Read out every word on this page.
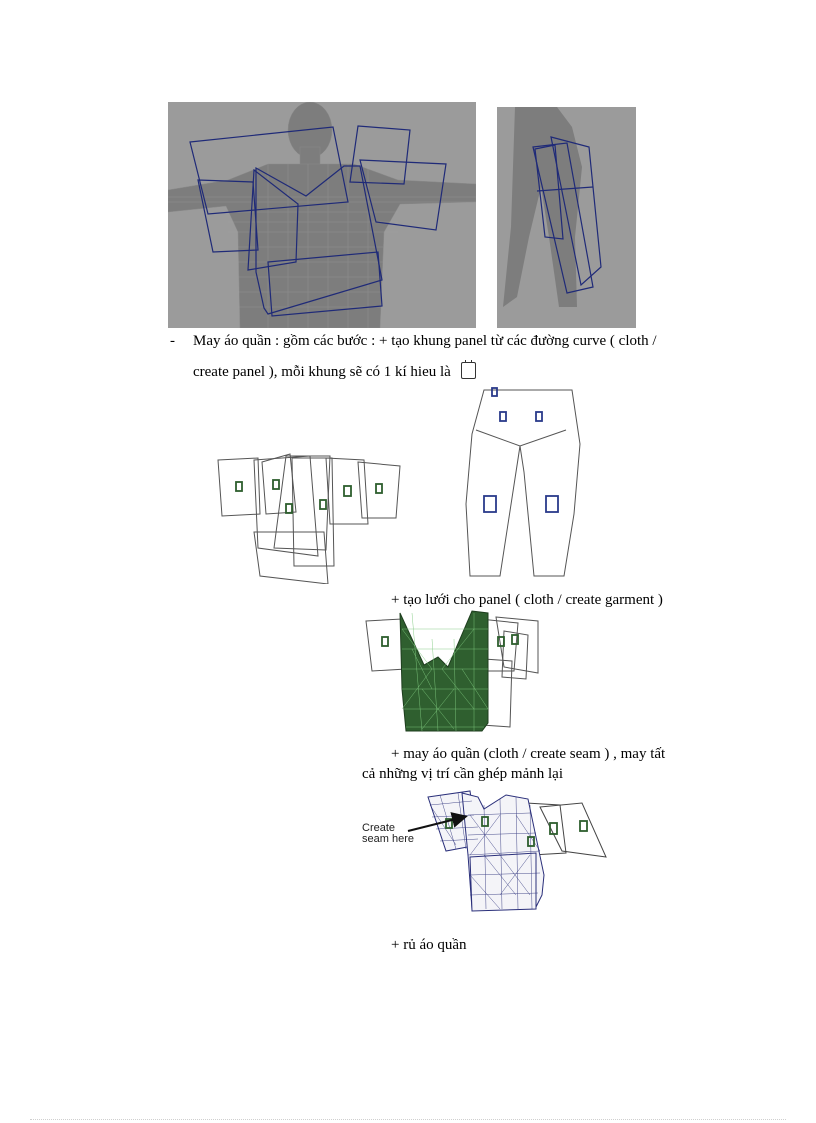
- May áo quần : gồm các bước : + tạo khung panel từ các đường curve ( cloth /
create panel ), mỗi khung sẽ có 1 kí hieu là
+ tạo lưới cho panel ( cloth / create garment )
+ may áo quần (cloth / create seam ) , may tất
cả những vị trí cần ghép mảnh lại
Create
seam here
+ rủ áo quần
